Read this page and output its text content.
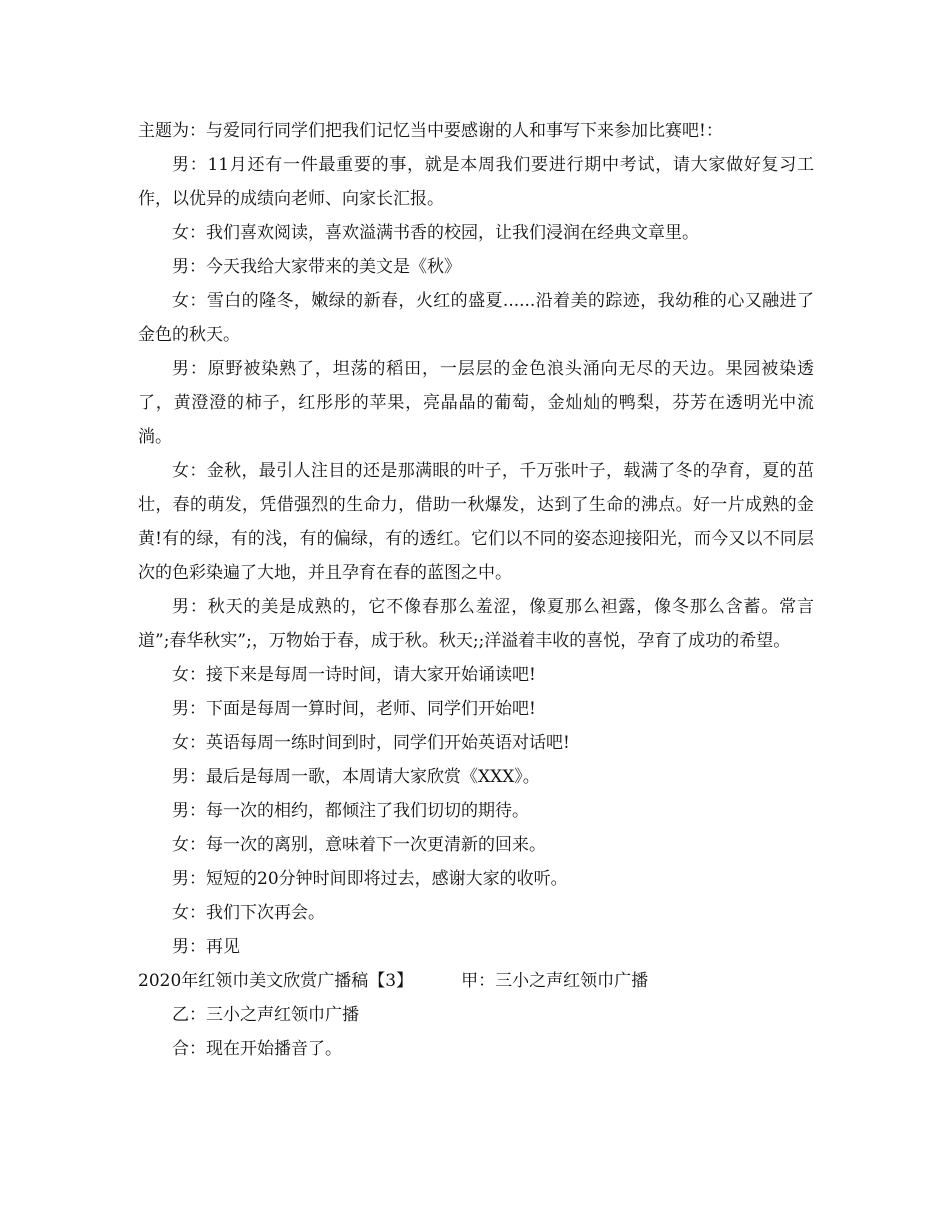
主题为：与爱同行同学们把我们记忆当中要感谢的人和事写下来参加比赛吧!：

男：11月还有一件最重要的事，就是本周我们要进行期中考试，请大家做好复习工作，以优异的成绩向老师、向家长汇报。

女：我们喜欢阅读，喜欢溢满书香的校园，让我们浸润在经典文章里。

男：今天我给大家带来的美文是《秋》

女：雪白的隆冬，嫩绿的新春，火红的盛夏......沿着美的踪迹，我幼稚的心又融进了金色的秋天。

男：原野被染熟了，坦荡的稻田，一层层的金色浪头涌向无尽的天边。果园被染透了，黄澄澄的柿子，红彤彤的苹果，亮晶晶的葡萄，金灿灿的鸭梨，芬芳在透明光中流淌。

女：金秋，最引人注目的还是那满眼的叶子，千万张叶子，载满了冬的孕育，夏的茁壮，春的萌发，凭借强烈的生命力，借助一秋爆发，达到了生命的沸点。好一片成熟的金黄!有的绿，有的浅，有的偏绿，有的透红。它们以不同的姿态迎接阳光，而今又以不同层次的色彩染遍了大地，并且孕育在春的蓝图之中。

男：秋天的美是成熟的，它不像春那么羞涩，像夏那么袒露，像冬那么含蓄。常言道”;春华秋实”;，万物始于春，成于秋。秋天;;洋溢着丰收的喜悦，孕育了成功的希望。

女：接下来是每周一诗时间，请大家开始诵读吧!

男：下面是每周一算时间，老师、同学们开始吧!

女：英语每周一练时间到时，同学们开始英语对话吧!

男：最后是每周一歌，本周请大家欣赏《XXX》。

男：每一次的相约，都倾注了我们切切的期待。

女：每一次的离别，意味着下一次更清新的回来。

男：短短的20分钟时间即将过去，感谢大家的收听。

女：我们下次再会。

男：再见

2020年红领巾美文欣赏广播稿【3】	甲：三小之声红领巾广播

乙：三小之声红领巾广播

合：现在开始播音了。
